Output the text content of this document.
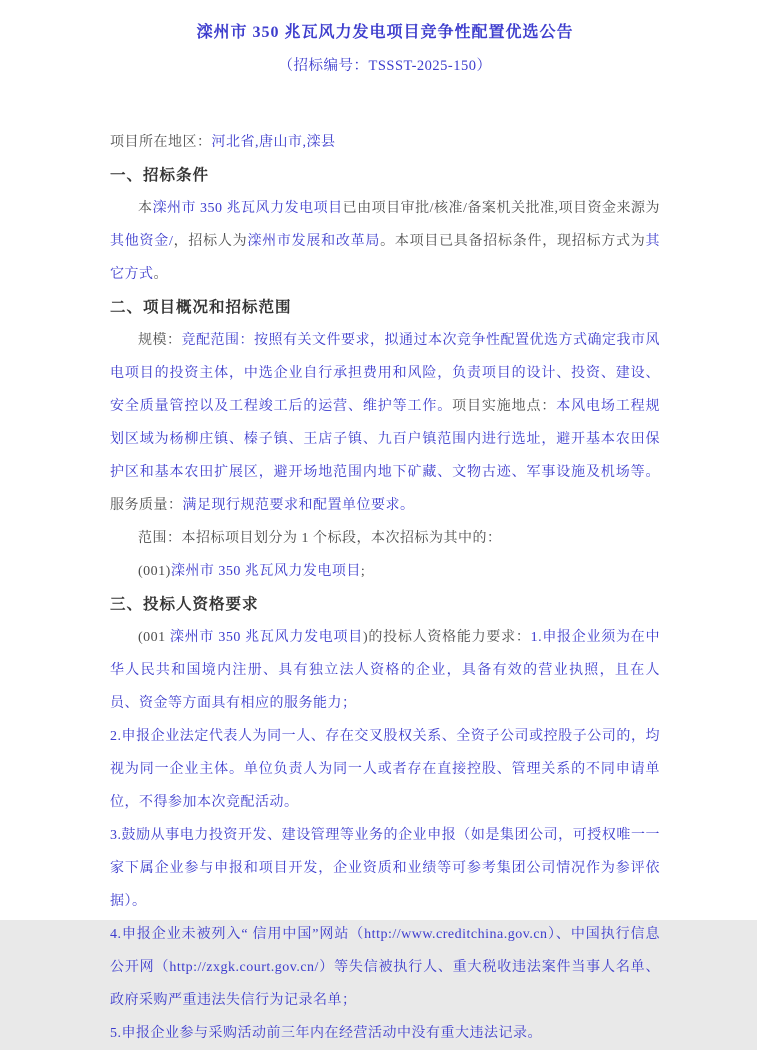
滦州市 350 兆瓦风力发电项目竞争性配置优选公告
（招标编号：TSSST-2025-150）

项目所在地区：河北省,唐山市,滦县

一、招标条件

本滦州市 350 兆瓦风力发电项目已由项目审批/核准/备案机关批准,项目资金来源为其他资金/，招标人为滦州市发展和改革局。本项目已具备招标条件，现招标方式为其它方式。

二、项目概况和招标范围

规模：竞配范围：按照有关文件要求，拟通过本次竞争性配置优选方式确定我市风电项目的投资主体，中选企业自行承担费用和风险，负责项目的设计、投资、建设、安全质量管控以及工程竣工后的运营、维护等工作。项目实施地点：本风电场工程规划区域为杨柳庄镇、榛子镇、王店子镇、九百户镇范围内进行选址，避开基本农田保护区和基本农田扩展区，避开场地范围内地下矿藏、文物古迹、军事设施及机场等。服务质量：满足现行规范要求和配置单位要求。

范围：本招标项目划分为 1 个标段，本次招标为其中的：

(001)滦州市 350 兆瓦风力发电项目;

三、投标人资格要求

(001 滦州市 350 兆瓦风力发电项目)的投标人资格能力要求：1.申报企业须为在中华人民共和国境内注册、具有独立法人资格的企业，具备有效的营业执照，且在人员、资金等方面具有相应的服务能力；

2.申报企业法定代表人为同一人、存在交叉股权关系、全资子公司或控股子公司的，均视为同一企业主体。单位负责人为同一人或者存在直接控股、管理关系的不同申请单位，不得参加本次竞配活动。

3.鼓励从事电力投资开发、建设管理等业务的企业申报（如是集团公司，可授权唯一一家下属企业参与申报和项目开发，企业资质和业绩等可参考集团公司情况作为参评依据）。

4.申报企业未被列入“ 信用中国”网站（http://www.creditchina.gov.cn）、中国执行信息公开网（http://zxgk.court.gov.cn/）等失信被执行人、重大税收违法案件当事人名单、政府采购严重违法失信行为记录名单；

5.申报企业参与采购活动前三年内在经营活动中没有重大违法记录。
